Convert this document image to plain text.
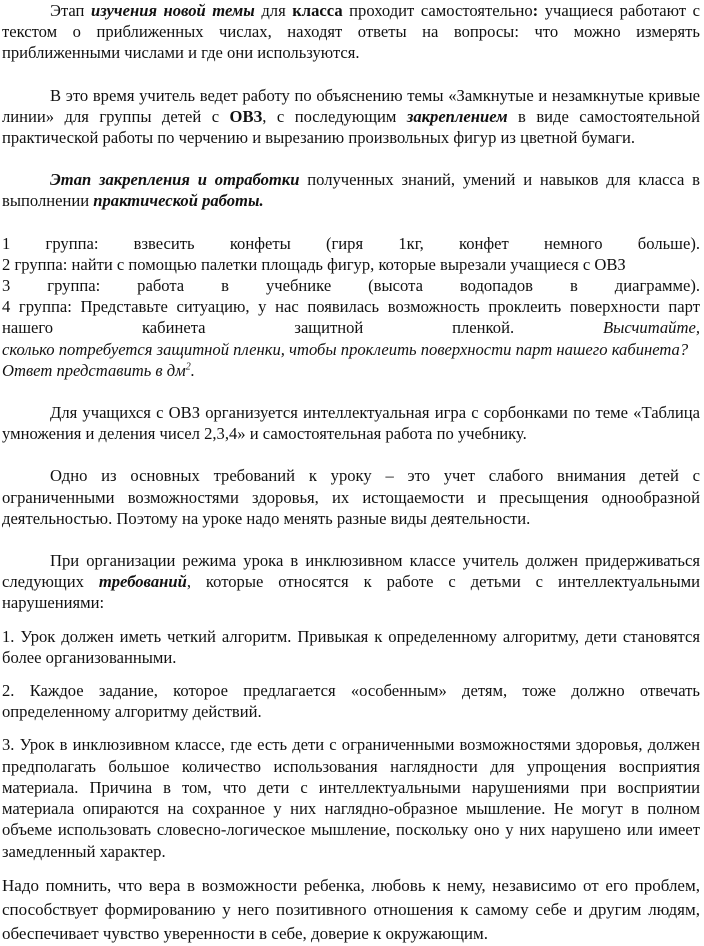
Этап изучения новой темы для класса проходит самостоятельно: учащиеся работают с текстом о приближенных числах, находят ответы на вопросы: что можно измерять приближенными числами и где они используются.

В это время учитель ведет работу по объяснению темы «Замкнутые и незамкнутые кривые линии» для группы детей с ОВЗ, с последующим закреплением в виде самостоятельной практической работы по черчению и вырезанию произвольных фигур из цветной бумаги.

Этап закрепления и отработки полученных знаний, умений и навыков для класса в выполнении практической работы.

1 группа: взвесить конфеты (гиря 1кг, конфет немного больше).
2 группа: найти с помощью палетки площадь фигур, которые вырезали учащиеся с ОВЗ
3 группа: работа в учебнике (высота водопадов в диаграмме).

4 группа: Представьте ситуацию, у нас появилась возможность проклеить поверхности парт нашего кабинета защитной пленкой.	Высчитайте,

сколько потребуется защитной пленки, чтобы проклеить поверхности парт нашего кабинета?

Ответ представить в $дм^2$.

Для учащихся с ОВЗ организуется интеллектуальная игра с сорбонками по теме «Таблица умножения и деления чисел 2,3,4» и самостоятельная работа по учебнику.

Одно из основных требований к уроку – это учет слабого внимания детей с ограниченными возможностями здоровья, их истощаемости и пресыщения однообразной деятельностью. Поэтому на уроке надо менять разные виды деятельности.

При организации режима урока в инклюзивном классе учитель должен придерживаться следующих требований, которые относятся к работе с детьми с интеллектуальными нарушениями:

1. Урок должен иметь четкий алгоритм. Привыкая к определенному алгоритму, дети становятся более организованными.

2. Каждое задание, которое предлагается «особенным» детям, тоже должно отвечать определенному алгоритму действий.

3. Урок в инклюзивном классе, где есть дети с ограниченными возможностями здоровья, должен предполагать большое количество использования наглядности для упрощения восприятия материала. Причина в том, что дети с интеллектуальными нарушениями при восприятии материала опираются на сохранное у них наглядно-образное мышление. Не могут в полном объеме использовать словесно-логическое мышление, поскольку оно у них нарушено или имеет замедленный характер.

Надо помнить, что вера в возможности ребенка, любовь к нему, независимо от его проблем, способствует формированию у него позитивного отношения к самому себе и другим людям, обеспечивает чувство уверенности в себе, доверие к окружающим.
